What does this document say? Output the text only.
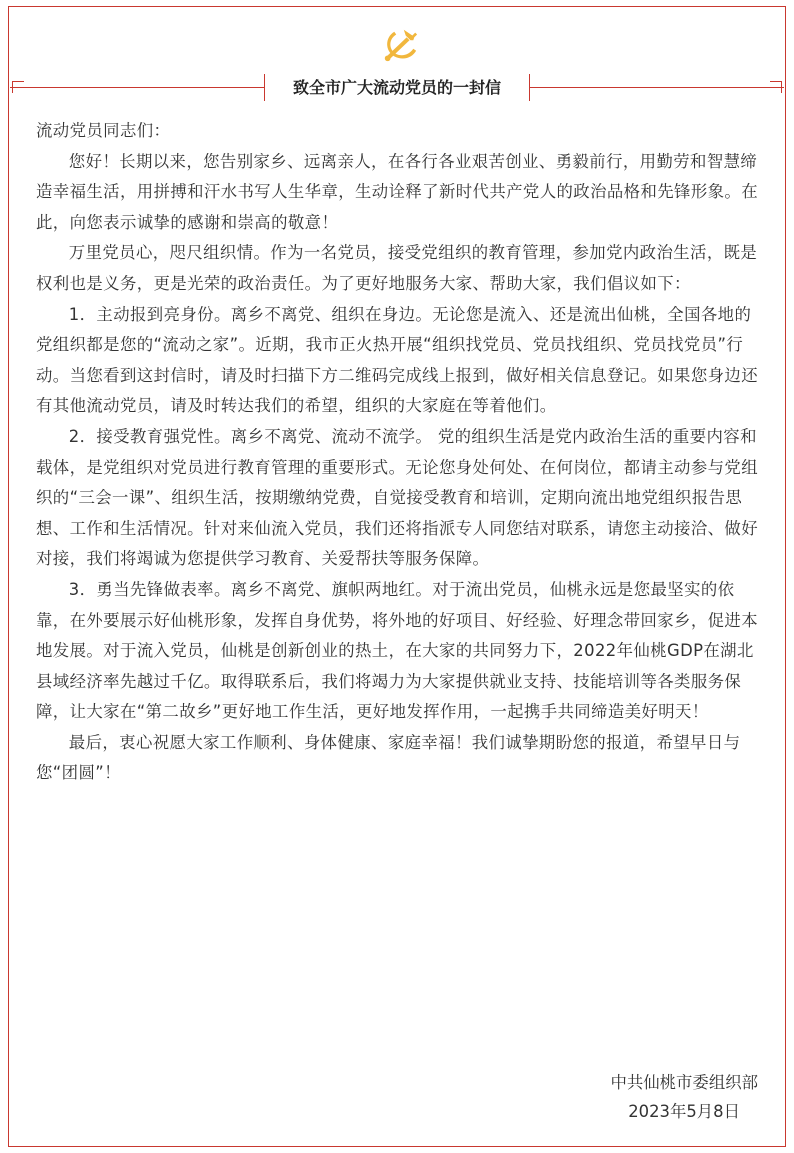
致全市广大流动党员的一封信

流动党员同志们：

您好！长期以来，您告别家乡、远离亲人，在各行各业艰苦创业、勇毅前行，用勤劳和智慧缔造幸福生活，用拼搏和汗水书写人生华章，生动诠释了新时代共产党人的政治品格和先锋形象。在此，向您表示诚挚的感谢和崇高的敬意！

万里党员心，咫尺组织情。作为一名党员，接受党组织的教育管理，参加党内政治生活，既是权利也是义务，更是光荣的政治责任。为了更好地服务大家、帮助大家，我们倡议如下：

1．主动报到亮身份。离乡不离党、组织在身边。无论您是流入、还是流出仙桃，全国各地的党组织都是您的“流动之家”。近期，我市正火热开展“组织找党员、党员找组织、党员找党员”行动。当您看到这封信时，请及时扫描下方二维码完成线上报到，做好相关信息登记。如果您身边还有其他流动党员，请及时转达我们的希望，组织的大家庭在等着他们。

2．接受教育强党性。离乡不离党、流动不流学。 党的组织生活是党内政治生活的重要内容和载体，是党组织对党员进行教育管理的重要形式。无论您身处何处、在何岗位，都请主动参与党组织的“三会一课”、组织生活，按期缴纳党费，自觉接受教育和培训，定期向流出地党组织报告思想、工作和生活情况。针对来仙流入党员，我们还将指派专人同您结对联系，请您主动接洽、做好对接，我们将竭诚为您提供学习教育、关爱帮扶等服务保障。

3．勇当先锋做表率。离乡不离党、旗帜两地红。对于流出党员，仙桃永远是您最坚实的依靠，在外要展示好仙桃形象，发挥自身优势，将外地的好项目、好经验、好理念带回家乡，促进本地发展。对于流入党员，仙桃是创新创业的热土，在大家的共同努力下，2022年仙桃GDP在湖北县域经济率先越过千亿。取得联系后，我们将竭力为大家提供就业支持、技能培训等各类服务保障，让大家在“第二故乡”更好地工作生活，更好地发挥作用，一起携手共同缔造美好明天！

最后，衷心祝愿大家工作顺利、身体健康、家庭幸福！我们诚挚期盼您的报道，希望早日与您“团圆”！

中共仙桃市委组织部
2023年5月8日
